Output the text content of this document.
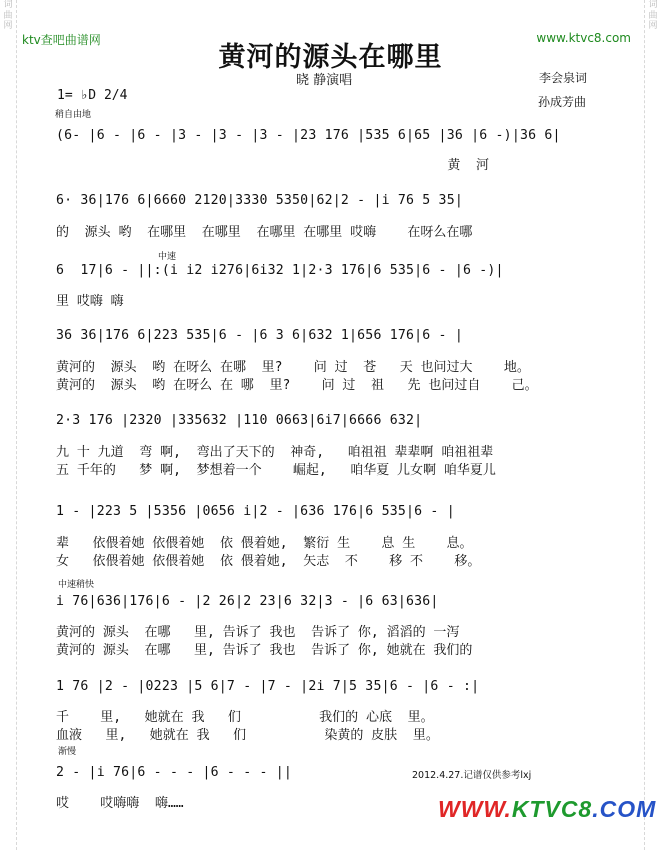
词 曲 网
词 曲 网
ktv查吧曲谱网	www.ktvc8.com
黄河的源头在哪里
晓 静演唱	李会泉词
孙成芳曲
1= ♭D 2/4
稍自由地
中速
中速稍快
渐慢
(6- |6 - |6 - |3 - |3 - |3 - |23 176 |535 6|65 |36 |6 -)|36 6|
黄  河
6· 36|176 6|6660 2120|3330 5350|62|2 - |i 76 5 35|
的  源头 哟  在哪里  在哪里  在哪里 在哪里 哎嗨    在呀么在哪
6  17|6 - ||:(i i2 i276|6i32 1|2·3 176|6 535|6 - |6 -)|
里 哎嗨 嗨
36 36|176 6|223 535|6 - |6 3 6|632 1|656 176|6 - |
黄河的  源头  哟 在呀么 在哪  里?    问 过  苍   天 也问过大    地。
黄河的  源头  哟 在呀么 在 哪  里?    问 过  祖   先 也问过自    己。
2·3 176 |2320 |335632 |110 0663|6i7|6666 632|
九 十 九道  弯 啊,  弯出了天下的  神奇,   咱祖祖 辈辈啊 咱祖祖辈
五 千年的   梦 啊,  梦想着一个    崛起,   咱华夏 儿女啊 咱华夏儿
1 - |223 5 |5356 |0656 i|2 - |636 176|6 535|6 - |
辈   依偎着她 依偎着她  依 偎着她,  繁衍 生    息 生    息。
女   依偎着她 依偎着她  依 偎着她,  矢志  不    移 不    移。
i 76|636|176|6 - |2 26|2 23|6 32|3 - |6 63|636|
黄河的 源头  在哪   里, 告诉了 我也  告诉了 你, 滔滔的 一泻
黄河的 源头  在哪   里, 告诉了 我也  告诉了 你, 她就在 我们的
1 76 |2 - |0223 |5 6|7 - |7 - |2i 7|5 35|6 - |6 - :|
千    里,   她就在 我   们          我们的 心底  里。
血液   里,   她就在 我   们          染黄的 皮肤  里。
2 - |i 76|6 - - - |6 - - - ||
哎    哎嗨嗨  嗨……
2012.4.27.记谱仅供参考lxj
WWW.KTVC8.COM
